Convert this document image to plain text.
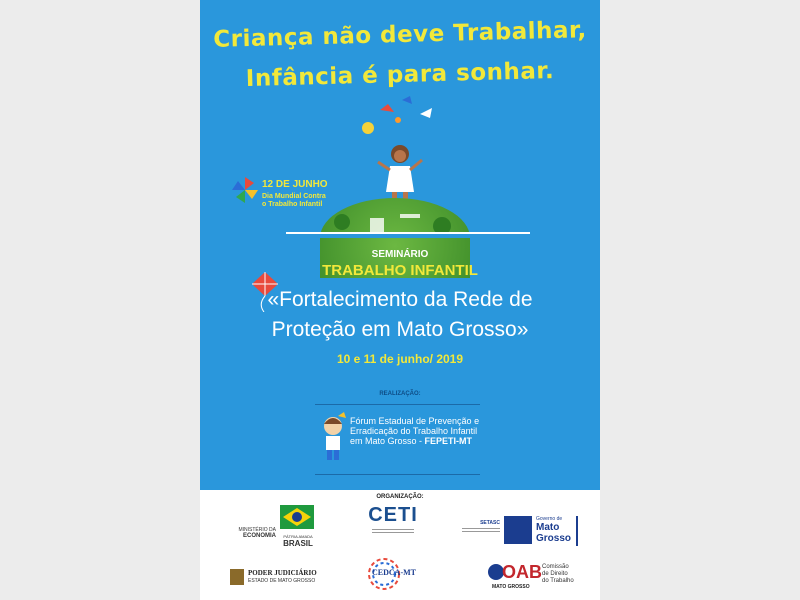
Criança não deve Trabalhar,
Infância é para sonhar.
12 DE JUNHO
Dia Mundial Contra
o Trabalho Infantil
SEMINÁRIO
TRABALHO INFANTIL
«Fortalecimento da Rede de
Proteção em Mato Grosso»
10 e 11 de junho/ 2019
REALIZAÇÃO:
Fórum Estadual de Prevenção e
Erradicação do Trabalho Infantil
em Mato Grosso - FEPETI-MT
ORGANIZAÇÃO:
MINISTÉRIO DA
ECONOMIA	PÁTRIA AMADA
BRASIL
CETI	SETASC
Governo de
Mato
Grosso
PODER JUDICIÁRIO
ESTADO DE MATO GROSSO
CEDCA-MT	OAB
MATO GROSSO
Comissão
de Direito
do Trabalho
